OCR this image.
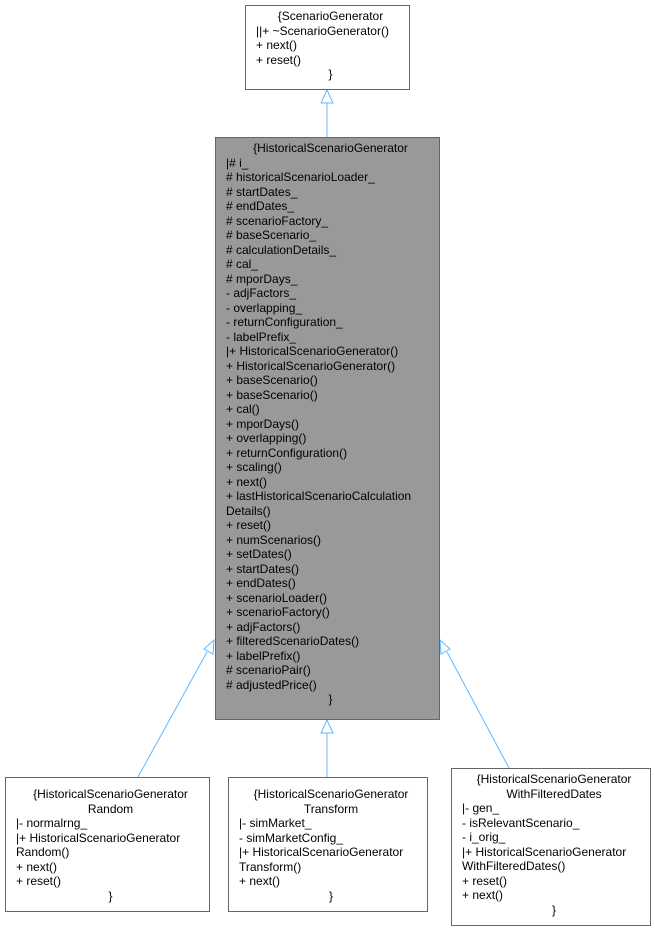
{ScenarioGenerator
||+ ~ScenarioGenerator()
+ next()
+ reset()
}
{HistoricalScenarioGenerator
|# i_
# historicalScenarioLoader_
# startDates_
# endDates_
# scenarioFactory_
# baseScenario_
# calculationDetails_
# cal_
# mporDays_
- adjFactors_
- overlapping_
- returnConfiguration_
- labelPrefix_
|+ HistoricalScenarioGenerator()
+ HistoricalScenarioGenerator()
+ baseScenario()
+ baseScenario()
+ cal()
+ mporDays()
+ overlapping()
+ returnConfiguration()
+ scaling()
+ next()
+ lastHistoricalScenarioCalculation
Details()
+ reset()
+ numScenarios()
+ setDates()
+ startDates()
+ endDates()
+ scenarioLoader()
+ scenarioFactory()
+ adjFactors()
+ filteredScenarioDates()
+ labelPrefix()
# scenarioPair()
# adjustedPrice()
}
{HistoricalScenarioGenerator
Random
|- normalrng_
|+ HistoricalScenarioGenerator
Random()
+ next()
+ reset()
}
{HistoricalScenarioGenerator
Transform
|- simMarket_
- simMarketConfig_
|+ HistoricalScenarioGenerator
Transform()
+ next()
}
{HistoricalScenarioGenerator
WithFilteredDates
|- gen_
- isRelevantScenario_
- i_orig_
|+ HistoricalScenarioGenerator
WithFilteredDates()
+ reset()
+ next()
}
